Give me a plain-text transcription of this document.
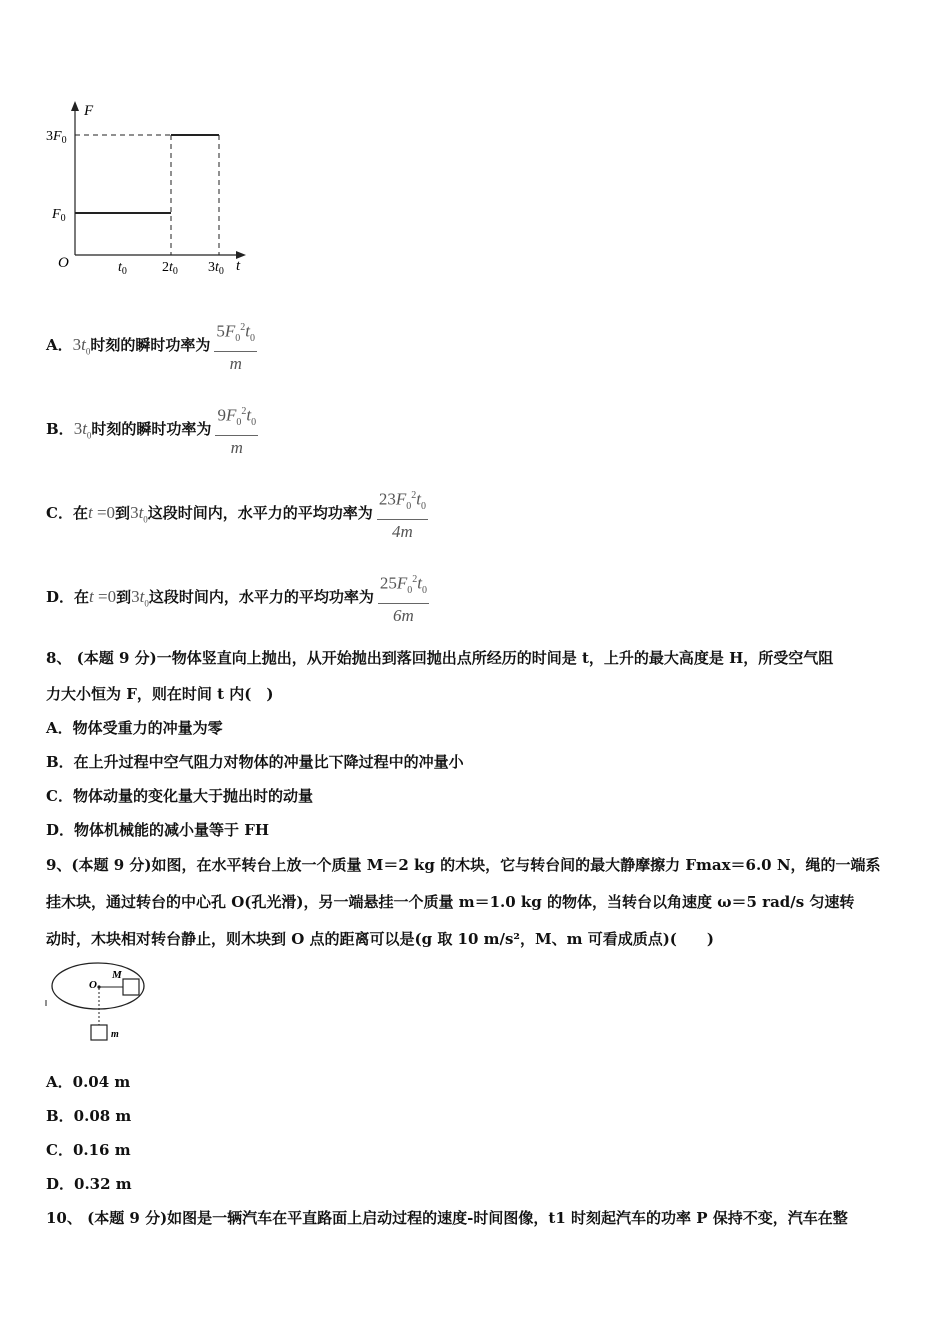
F
t
O
$3F_0$
$F_0$
$t_0$	$2t_0$ $3t_0$
A．$3t_0$时刻的瞬时功率为 $\frac{5F_0^2t_0}{m}$
B．$3t_0$时刻的瞬时功率为 $\frac{9F_0^2t_0}{m}$
C．在t =0到$3t_0$这段时间内，水平力的平均功率为 $\frac{23F_0^2t_0}{4m}$
D．在t =0到$3t_0$这段时间内，水平力的平均功率为 $\frac{25F_0^2t_0}{6m}$
8、 (本题 9 分)一物体竖直向上抛出，从开始抛出到落回抛出点所经历的时间是 t，上升的最大高度是 H，所受空气阻
力大小恒为 F，则在时间 t 内(　)
A．物体受重力的冲量为零
B．在上升过程中空气阻力对物体的冲量比下降过程中的冲量小
C．物体动量的变化量大于抛出时的动量
D．物体机械能的减小量等于 FH
9、(本题 9 分)如图，在水平转台上放一个质量 M＝2 kg 的木块，它与转台间的最大静摩擦力 Fmax＝6.0 N，绳的一端系
挂木块，通过转台的中心孔 O(孔光滑)，另一端悬挂一个质量 m＝1.0 kg 的物体，当转台以角速度 ω＝5 rad/s 匀速转
动时，木块相对转台静止，则木块到 O 点的距离可以是(g 取 10 m/s²，M、m 可看成质点)(　　)
O
M
m
A．0.04 m
B．0.08 m
C．0.16 m
D．0.32 m
10、 (本题 9 分)如图是一辆汽车在平直路面上启动过程的速度-时间图像，t1 时刻起汽车的功率 P 保持不变，汽车在整
